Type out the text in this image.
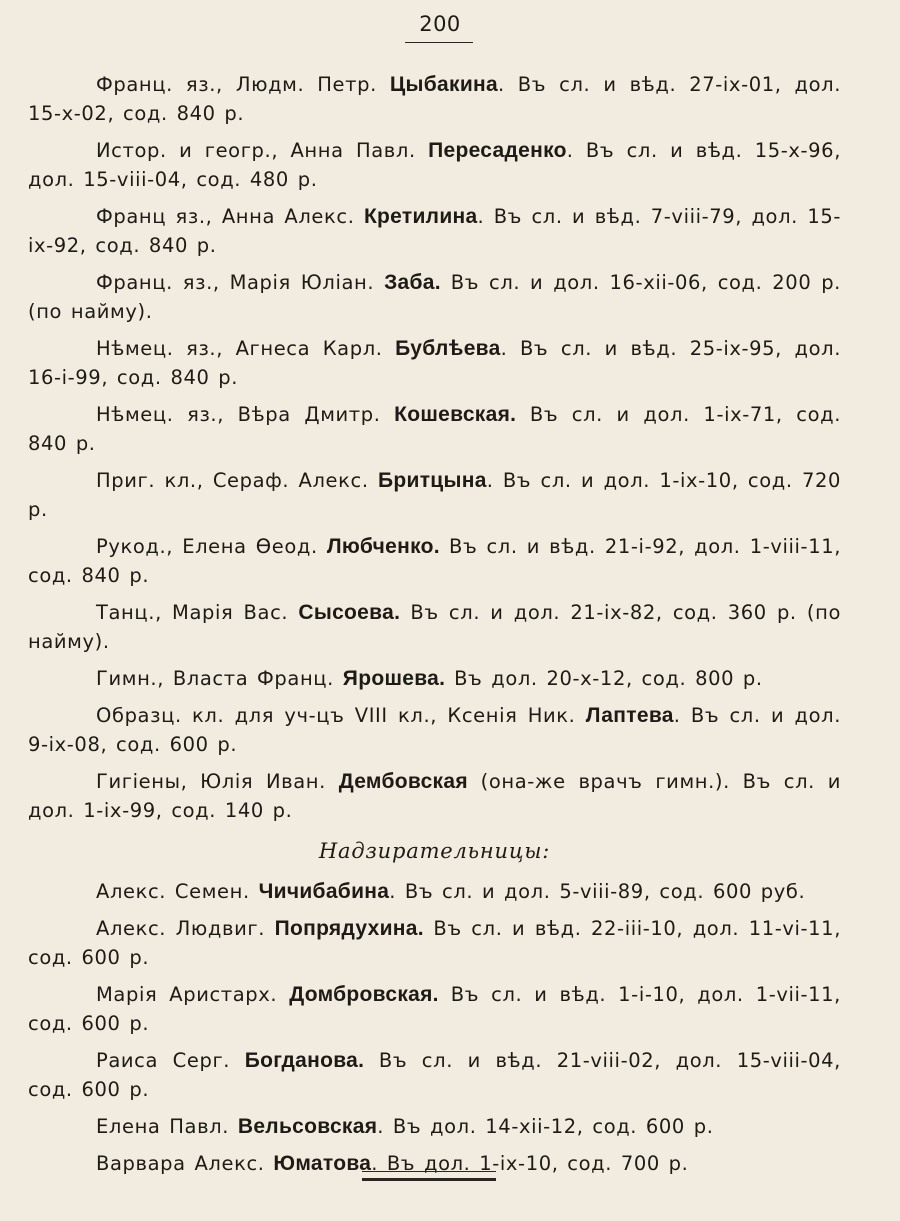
200

Франц. яз., Людм. Петр. Цыбакина. Въ сл. и вѣд. 27-ix-01, дол. 15-x-02, сод. 840 р.

Истор. и геогр., Анна Павл. Пересаденко. Въ сл. и вѣд. 15-x-96, дол. 15-viii-04, сод. 480 р.

Франц яз., Анна Алекс. Кретилина. Въ сл. и вѣд. 7-viii-79, дол. 15-ix-92, сод. 840 р.

Франц. яз., Марія Юліан. Заба. Въ сл. и дол. 16-xii-06, сод. 200 р. (по найму).

Нѣмец. яз., Агнеса Карл. Бублѣева. Въ сл. и вѣд. 25-ix-95, дол. 16-i-99, сод. 840 р.

Нѣмец. яз., Вѣра Дмитр. Кошевская. Въ сл. и дол. 1-ix-71, сод. 840 р.

Приг. кл., Сераф. Алекс. Бритцына. Въ сл. и дол. 1-ix-10, сод. 720 р.

Рукод., Елена Ѳеод. Любченко. Въ сл. и вѣд. 21-i-92, дол. 1-viii-11, сод. 840 р.

Танц., Марія Вас. Сысоева. Въ сл. и дол. 21-ix-82, сод. 360 р. (по найму).

Гимн., Власта Франц. Ярошева. Въ дол. 20-x-12, сод. 800 р.

Образц. кл. для уч-цъ VIII кл., Ксенія Ник. Лаптева. Въ сл. и дол. 9-ix-08, сод. 600 р.

Гигіены, Юлія Иван. Дембовская (она-же врачъ гимн.). Въ сл. и дол. 1-ix-99, сод. 140 р.

Надзирательницы:

Алекс. Семен. Чичибабина. Въ сл. и дол. 5-viii-89, сод. 600 руб.

Алекс. Людвиг. Попрядухина. Въ сл. и вѣд. 22-iii-10, дол. 11-vi-11, сод. 600 р.

Марія Аристарх. Домбровская. Въ сл. и вѣд. 1-i-10, дол. 1-vii-11, сод. 600 р.

Раиса Серг. Богданова. Въ сл. и вѣд. 21-viii-02, дол. 15-viii-04, сод. 600 р.

Елена Павл. Вельсовская. Въ дол. 14-xii-12, сод. 600 р.

Варвара Алекс. Юматова. Въ дол. 1-ix-10, сод. 700 р.
